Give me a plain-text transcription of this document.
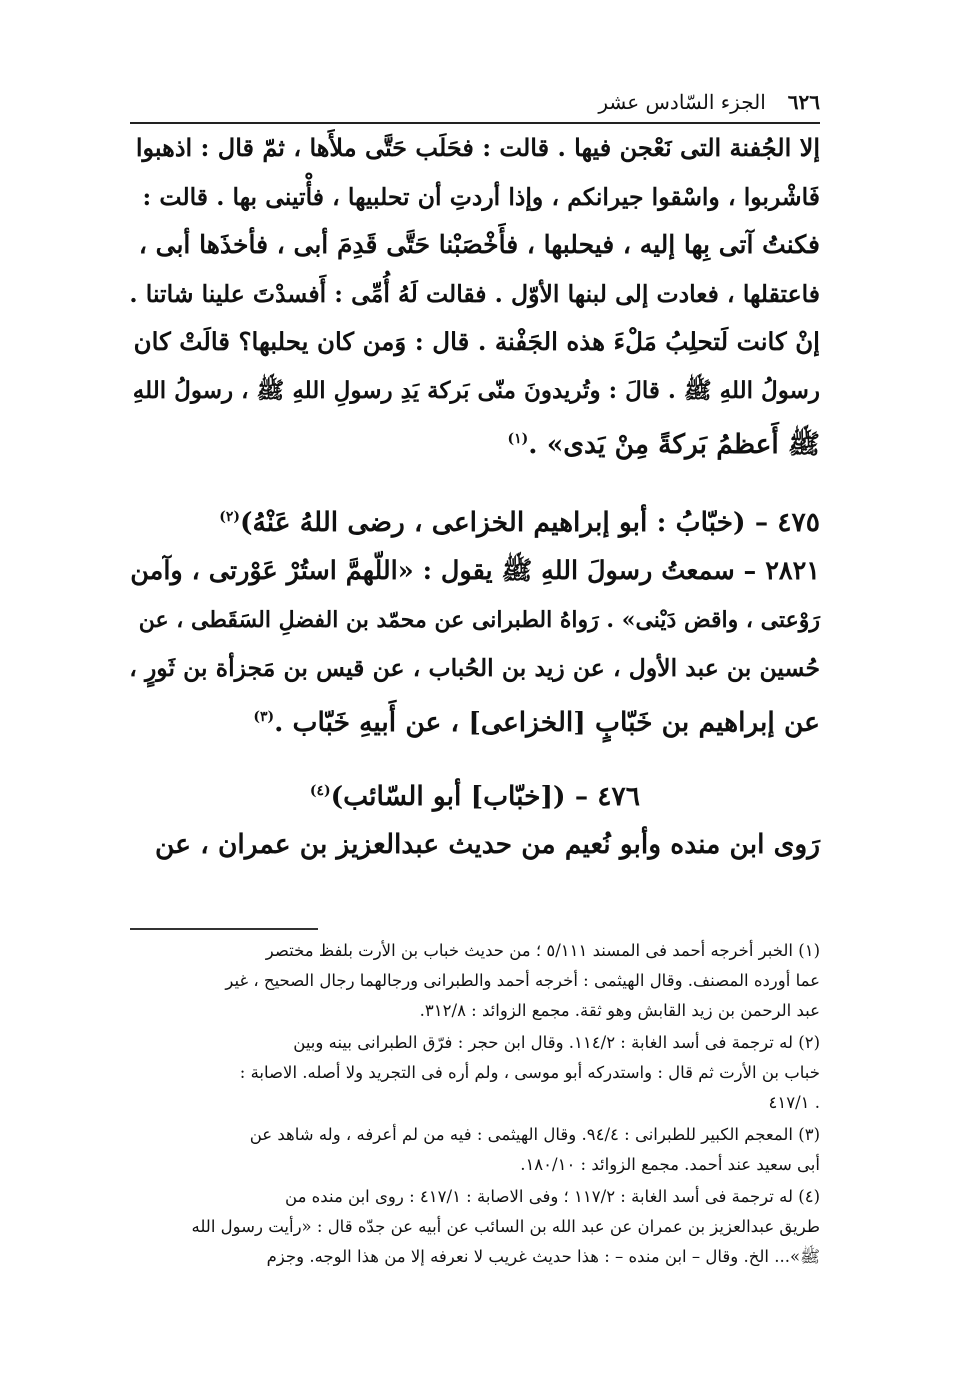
٦٢٦
الجزء السّادس عشر

إلا الجُفنة التى نَعْجن فيها . قالت : فحَلَب حَتَّى ملأَها ، ثمّ قال : اذهبوا
فَاشْربوا ، واسْقوا جيرانكم ، وإذا أردتِ أن تحلبيها ، فأْتينى بها . قالت :
فكنتُ آتى بِها إليه ، فيحلبها ، فأَخْصَبْنا حَتَّى قَدِمَ أبى ، فأخذَها أبى ،
فاعتقلها ، فعادت إلى لبنها الأوّل . فقالت لَهُ أُمِّى : أَفسدْتَ علينا شاتنا .
إنْ كانت لَتحلِبُ مَلْءَ هذه الجَفْنة . قال : وَمن كان يحلبها؟ قالَتْ كان
رسولُ اللهِ ﷺ . قالَ : وتُريدونَ منّى بَركة يَدِ رسولِ اللهِ ﷺ ، رسولُ اللهِ
ﷺ أَعظمُ بَركةً مِنْ يَدى» .$^{(١)}$

٤٧٥ – (خبّابُ : أبو إبراهيم الخزاعى ، رضى اللهُ عَنْهُ)$^{(٢)}$

٢٨٢١ – سمعتُ رسولَ اللهِ ﷺ يقول : «اللّهمَّ استُرْ عَوْرتى ، وآمن
رَوْعتى ، واقض دَيْنى» . رَواهُ الطبرانى عن محمّد بن الفضلِ السَقَطى ، عن
حُسين بن عبد الأول ، عن زيد بن الحُباب ، عن قيس بن مَجزأة بن ثَورٍ ،
عن إبراهيم بن خَبّابٍ [الخزاعى] ، عن أَبيهِ خَبّاب .$^{(٣)}$

٤٧٦ – ([خبّاب] أبو السّائب)$^{(٤)}$

رَوى ابن منده وأبو نُعيم من حديث عبدالعزيز بن عمران ، عن

(١) الخبر أخرجه أحمد فى المسند ٥/١١١ ؛ من حديث خباب بن الأرت بلفظ مختصر
عما أورده المصنف. وقال الهيثمى : أخرجه أحمد والطبرانى ورجالهما رجال الصحيح ، غير
عبد الرحمن بن زيد القابش وهو ثقة. مجمع الزوائد : ٣١٢/٨.
(٢) له ترجمة فى أسد الغابة : ١١٤/٢. وقال ابن حجر : فرّق الطبرانى بينه وبين
خباب بن الأرت ثم قال : واستدركه أبو موسى ، ولم أره فى التجريد ولا أصله. الاصابة :
. ٤١٧/١
(٣) المعجم الكبير للطبرانى : ٩٤/٤. وقال الهيثمى : فيه من لم أعرفه ، وله شاهد عن
أبى سعيد عند أحمد. مجمع الزوائد : ١٨٠/١٠.
(٤) له ترجمة فى أسد الغابة : ١١٧/٢ ؛ وفى الاصابة : ٤١٧/١ : روى ابن منده من
طريق عبدالعزيز بن عمران عن عبد الله بن السائب عن أبيه عن جدّه قال : «رأيت رسول الله
ﷺ»... الخ. وقال – ابن منده – : هذا حديث غريب لا نعرفه إلا من هذا الوجه. وجزم
